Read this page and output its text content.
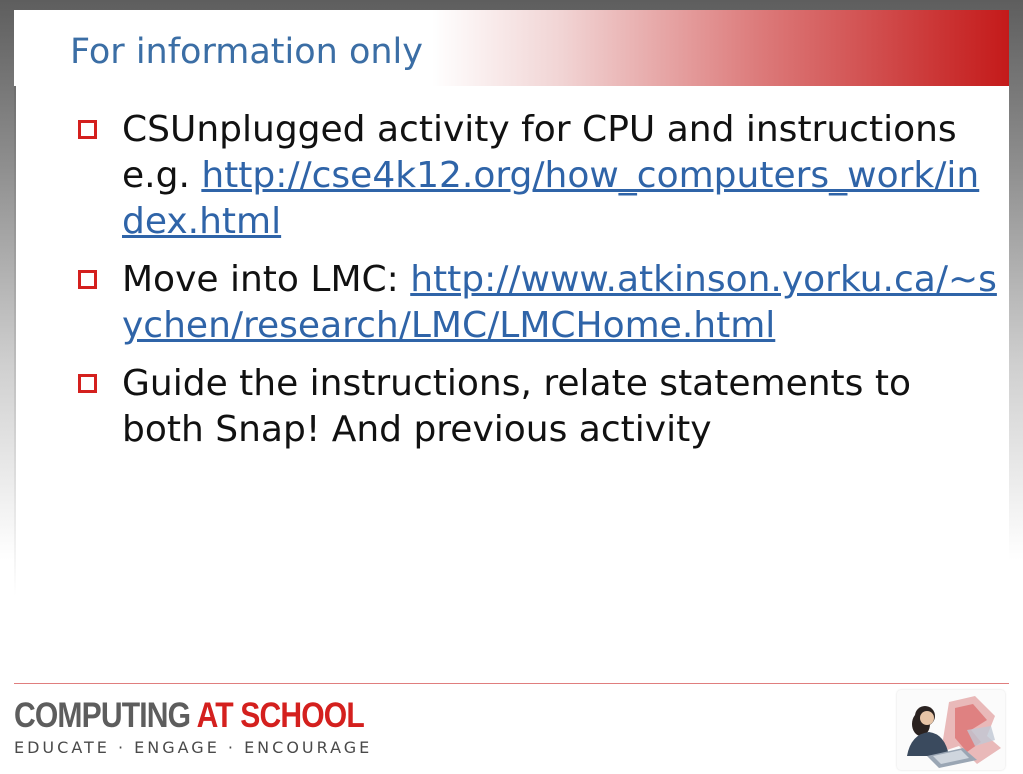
For information only
CSUnplugged activity for CPU and instructions e.g. http://cse4k12.org/how_computers_work/index.html
Move into LMC: http://www.atkinson.yorku.ca/~sychen/research/LMC/LMCHome.html
Guide the instructions, relate statements to both Snap! And previous activity

COMPUTING AT SCHOOL

EDUCATE · ENGAGE · ENCOURAGE
